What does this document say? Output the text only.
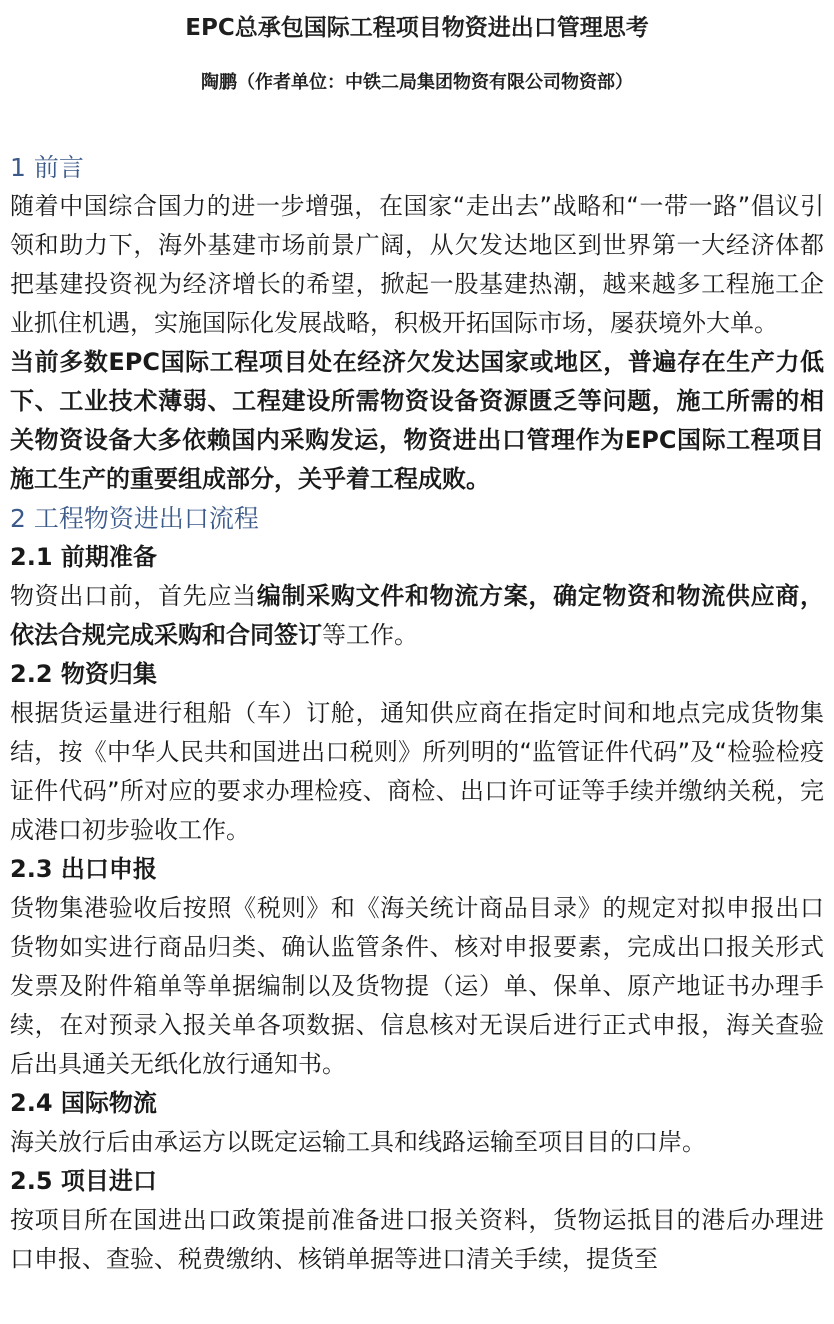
EPC总承包国际工程项目物资进出口管理思考

陶鹏（作者单位：中铁二局集团物资有限公司物资部）

1 前言

随着中国综合国力的进一步增强，在国家“走出去”战略和“一带一路”倡议引领和助力下，海外基建市场前景广阔，从欠发达地区到世界第一大经济体都把基建投资视为经济增长的希望，掀起一股基建热潮，越来越多工程施工企业抓住机遇，实施国际化发展战略，积极开拓国际市场，屡获境外大单。

当前多数EPC国际工程项目处在经济欠发达国家或地区，普遍存在生产力低下、工业技术薄弱、工程建设所需物资设备资源匮乏等问题，施工所需的相关物资设备大多依赖国内采购发运，物资进出口管理作为EPC国际工程项目施工生产的重要组成部分，关乎着工程成败。

2 工程物资进出口流程
2.1 前期准备

物资出口前，首先应当编制采购文件和物流方案，确定物资和物流供应商，依法合规完成采购和合同签订等工作。

2.2 物资归集

根据货运量进行租船（车）订舱，通知供应商在指定时间和地点完成货物集结，按《中华人民共和国进出口税则》所列明的“监管证件代码”及“检验检疫证件代码”所对应的要求办理检疫、商检、出口许可证等手续并缴纳关税，完成港口初步验收工作。

2.3 出口申报

货物集港验收后按照《税则》和《海关统计商品目录》的规定对拟申报出口货物如实进行商品归类、确认监管条件、核对申报要素，完成出口报关形式发票及附件箱单等单据编制以及货物提（运）单、保单、原产地证书办理手续，在对预录入报关单各项数据、信息核对无误后进行正式申报，海关查验后出具通关无纸化放行通知书。

2.4 国际物流

海关放行后由承运方以既定运输工具和线路运输至项目目的口岸。

2.5 项目进口

按项目所在国进出口政策提前准备进口报关资料，货物运抵目的港后办理进口申报、查验、税费缴纳、核销单据等进口清关手续，提货至
